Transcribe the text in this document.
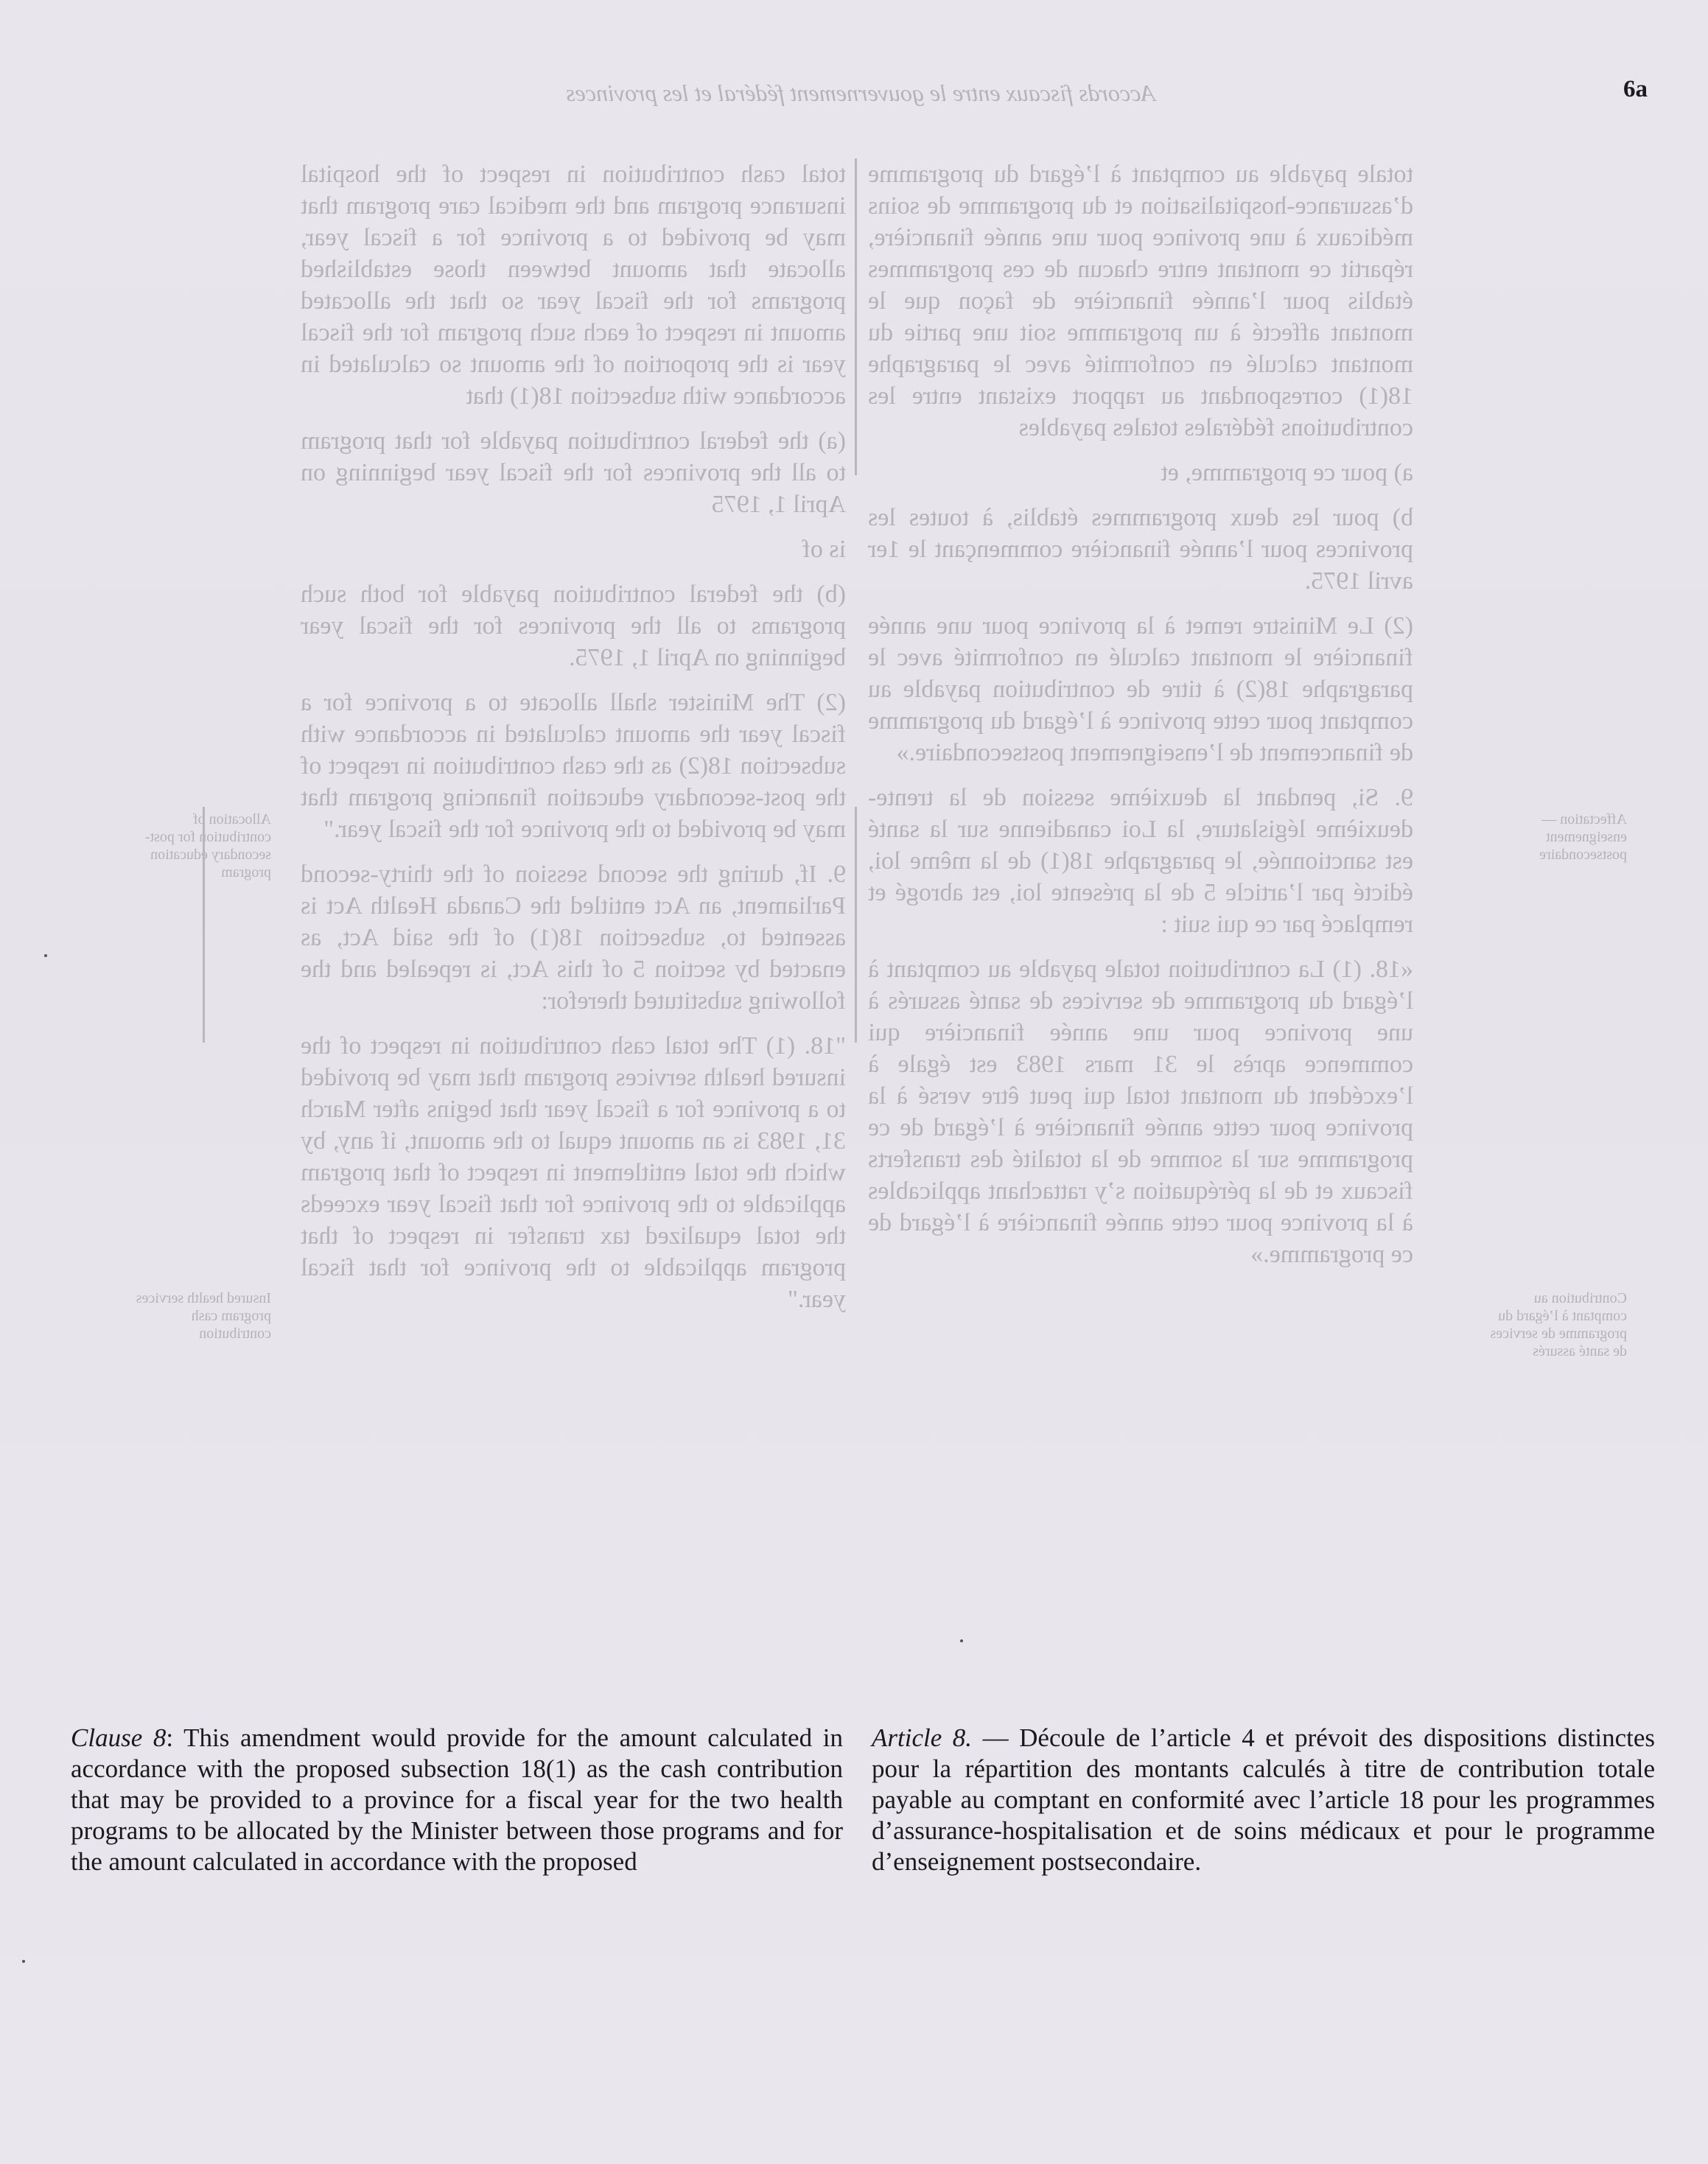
Accords fiscaux entre le gouvernement fédéral et les provinces

total cash contribution in respect of the hospital insurance program and the medical care program that may be provided to a province for a fiscal year, allocate that amount between those established programs for the fiscal year so that the allocated amount in respect of each such program for the fiscal year is the proportion of the amount so calculated in accordance with subsection 18(1) that

(a) the federal contribution payable for that program to all the provinces for the fiscal year beginning on April 1, 1975

is of

(b) the federal contribution payable for both such programs to all the provinces for the fiscal year beginning on April 1, 1975.

(2) The Minister shall allocate to a province for a fiscal year the amount calculated in accordance with subsection 18(2) as the cash contribution in respect of the post-secondary education financing program that may be provided to the province for the fiscal year."

9. If, during the second session of the thirty-second Parliament, an Act entitled the Canada Health Act is assented to, subsection 18(1) of the said Act, as enacted by section 5 of this Act, is repealed and the following substituted therefor:

"18. (1) The total cash contribution in respect of the insured health services program that may be provided to a province for a fiscal year that begins after March 31, 1983 is an amount equal to the amount, if any, by which the total entitlement in respect of that program applicable to the province for that fiscal year exceeds the total equalized tax transfer in respect of that program applicable to the province for that fiscal year."

totale payable au comptant à l’égard du programme d’assurance-hospitalisation et du programme de soins médicaux à une province pour une année financière, répartit ce montant entre chacun de ces programmes établis pour l’année financière de façon que le montant affecté à un programme soit une partie du montant calculé en conformité avec le paragraphe 18(1) correspondant au rapport existant entre les contributions fédérales totales payables

a) pour ce programme, et

b) pour les deux programmes établis, à toutes les provinces pour l’année financière commençant le 1er avril 1975.

(2) Le Ministre remet à la province pour une année financière le montant calculé en conformité avec le paragraphe 18(2) à titre de contribution payable au comptant pour cette province à l’égard du programme de financement de l’enseignement postsecondaire.»

9. Si, pendant la deuxième session de la trente-deuxième législature, la Loi canadienne sur la santé est sanctionnée, le paragraphe 18(1) de la même loi, édicté par l’article 5 de la présente loi, est abrogé et remplacé par ce qui suit :

«18. (1) La contribution totale payable au comptant à l’égard du programme de services de santé assurés à une province pour une année financière qui commence après le 31 mars 1983 est égale à l’excédent du montant total qui peut être versé à la province pour cette année financière à l’égard de ce programme sur la somme de la totalité des transferts fiscaux et de la péréquation s’y rattachant applicables à la province pour cette année financière à l’égard de ce programme.»

Allocation of contribution for post-secondary education program
Insured health services program cash contribution
Affectation — enseignement postsecondaire
Contribution au comptant à l’égard du programme de services de santé assurés
6a
Clause 8: This amendment would provide for the amount calculated in accordance with the proposed subsection 18(1) as the cash contribution that may be provided to a province for a fiscal year for the two health programs to be allocated by the Minister between those programs and for the amount calculated in accordance with the proposed
Article 8. — Découle de l’article 4 et prévoit des dispositions distinctes pour la répartition des montants calculés à titre de contribution totale payable au comptant en conformité avec l’article 18 pour les programmes d’assurance-hospitalisation et de soins médicaux et pour le programme d’enseignement postsecondaire.
